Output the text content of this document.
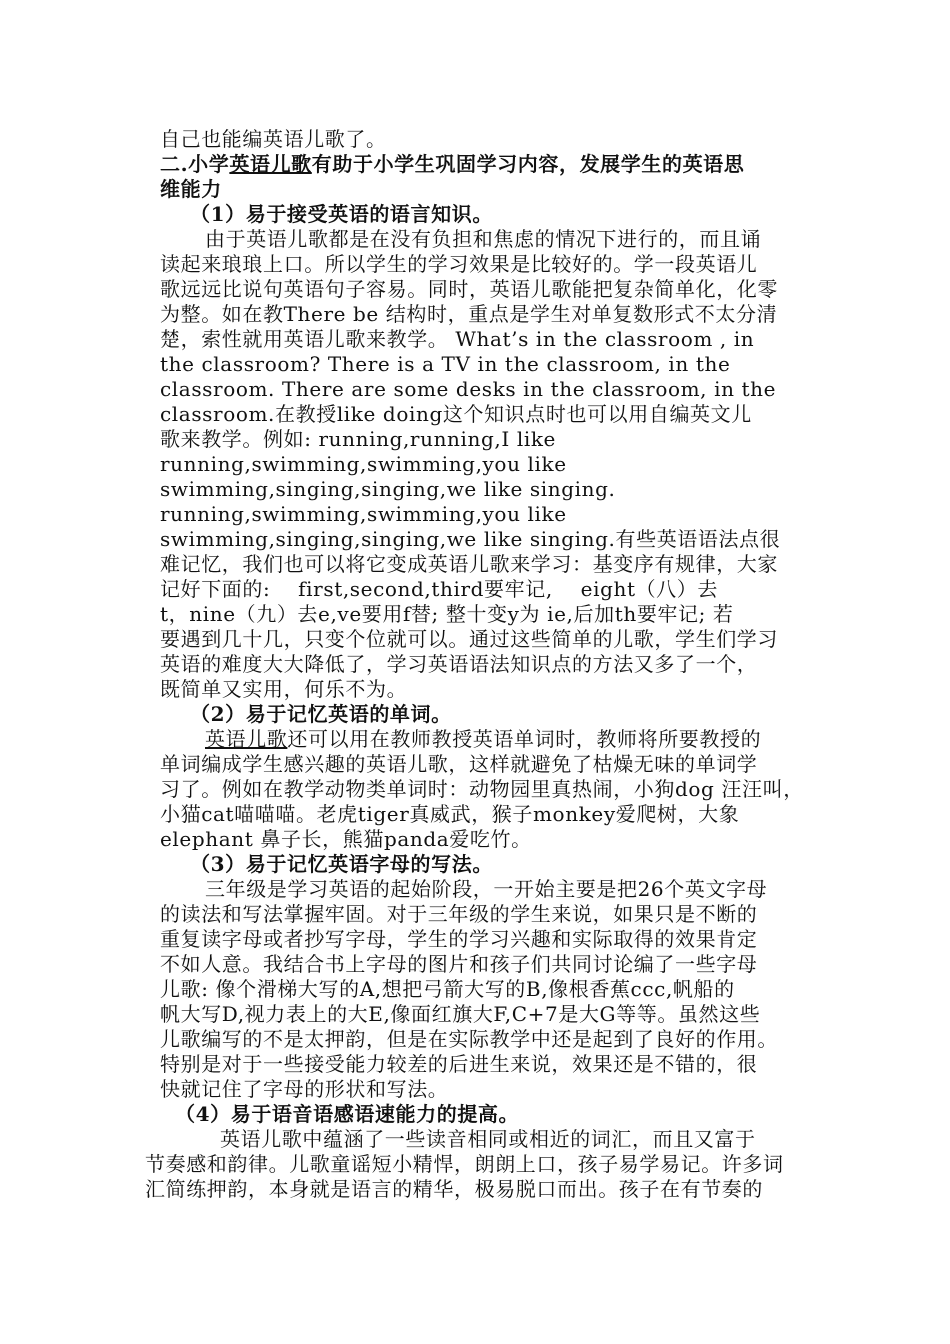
自己也能编英语儿歌了。
二.小学英语儿歌有助于小学生巩固学习内容，发展学生的英语思
维能力
（1）易于接受英语的语言知识。
由于英语儿歌都是在没有负担和焦虑的情况下进行的，而且诵
读起来琅琅上口。所以学生的学习效果是比较好的。学一段英语儿
歌远远比说句英语句子容易。同时，英语儿歌能把复杂简单化，化零
为整。如在教There be 结构时，重点是学生对单复数形式不太分清
楚，索性就用英语儿歌来教学。 What’s in the classroom , in
the classroom? There is a TV in the classroom, in the
classroom. There are some desks in the classroom, in the
classroom.在教授like doing这个知识点时也可以用自编英文儿
歌来教学。例如: running,running,I like
running,swimming,swimming,you like
swimming,singing,singing,we like singing.
running,swimming,swimming,you like
swimming,singing,singing,we like singing.有些英语语法点很
难记忆，我们也可以将它变成英语儿歌来学习：基变序有规律，大家
记好下面的:    first,second,third要牢记,    eight（八）去
t，nine（九）去e,ve要用f替; 整十变y为 ie,后加th要牢记; 若
要遇到几十几，只变个位就可以。通过这些简单的儿歌，学生们学习
英语的难度大大降低了，学习英语语法知识点的方法又多了一个，
既简单又实用，何乐不为。
（2）易于记忆英语的单词。
英语儿歌还可以用在教师教授英语单词时，教师将所要教授的
单词编成学生感兴趣的英语儿歌，这样就避免了枯燥无味的单词学
习了。例如在教学动物类单词时：动物园里真热闹，小狗dog 汪汪叫，
小猫cat喵喵喵。老虎tiger真威武，猴子monkey爱爬树，大象
elephant 鼻子长，熊猫panda爱吃竹。
（3）易于记忆英语字母的写法。
三年级是学习英语的起始阶段，一开始主要是把26个英文字母
的读法和写法掌握牢固。对于三年级的学生来说，如果只是不断的
重复读字母或者抄写字母，学生的学习兴趣和实际取得的效果肯定
不如人意。我结合书上字母的图片和孩子们共同讨论编了一些字母
儿歌: 像个滑梯大写的A,想把弓箭大写的B,像根香蕉ccc,帆船的
帆大写D,视力表上的大E,像面红旗大F,C+7是大G等等。虽然这些
儿歌编写的不是太押韵，但是在实际教学中还是起到了良好的作用。
特别是对于一些接受能力较差的后进生来说，效果还是不错的，很
快就记住了字母的形状和写法。
（4）易于语音语感语速能力的提高。
英语儿歌中蕴涵了一些读音相同或相近的词汇，而且又富于
节奏感和韵律。儿歌童谣短小精悍，朗朗上口，孩子易学易记。许多词
汇简练押韵，本身就是语言的精华，极易脱口而出。孩子在有节奏的
